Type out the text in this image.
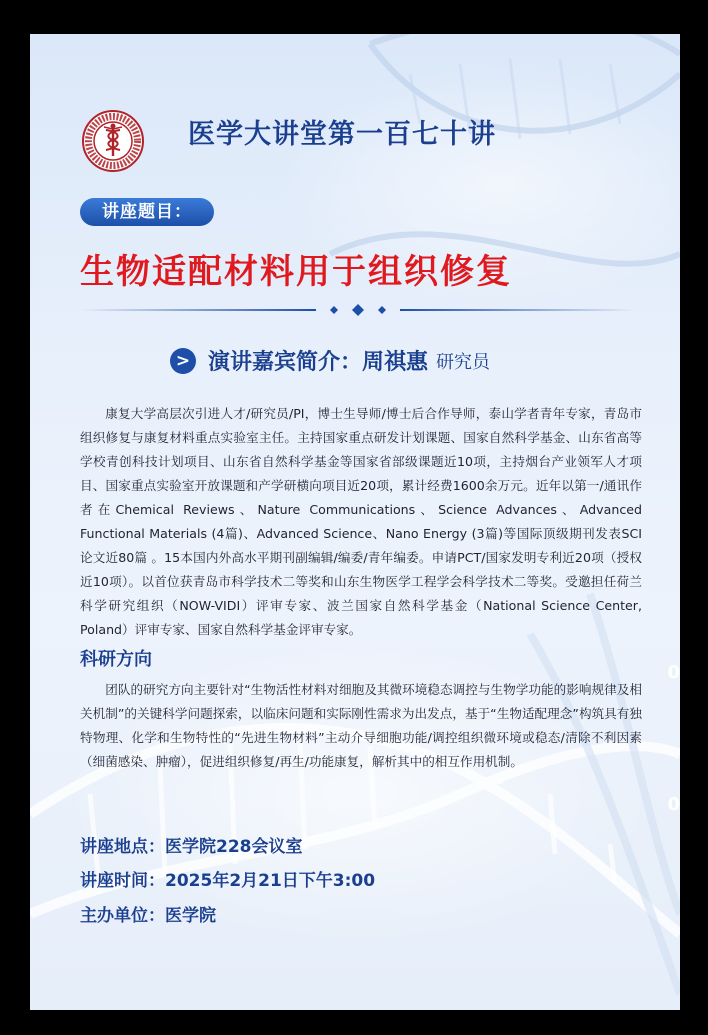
医学大讲堂第一百七十讲
讲座题目：
生物适配材料用于组织修复
> 演讲嘉宾简介：周祺惠 研究员

康复大学高层次引进人才/研究员/PI，博士生导师/博士后合作导师，泰山学者青年专家，青岛市组织修复与康复材料重点实验室主任。主持国家重点研发计划课题、国家自然科学基金、山东省高等学校青创科技计划项目、山东省自然科学基金等国家省部级课题近10项，主持烟台产业领军人才项目、国家重点实验室开放课题和产学研横向项目近20项，累计经费1600余万元。近年以第一/通讯作者在Chemical Reviews、Nature Communications、Science Advances、Advanced Functional Materials (4篇)、Advanced Science、Nano Energy (3篇)等国际顶级期刊发表SCI论文近80篇 。15本国内外高水平期刊副编辑/编委/青年编委。申请PCT/国家发明专利近20项（授权近10项）。以首位获青岛市科学技术二等奖和山东生物医学工程学会科学技术二等奖。受邀担任荷兰科学研究组织（NOW-VIDI）评审专家、波兰国家自然科学基金（National Science Center, Poland）评审专家、国家自然科学基金评审专家。

科研方向

团队的研究方向主要针对“生物活性材料对细胞及其微环境稳态调控与生物学功能的影响规律及相关机制”的关键科学问题探索，以临床问题和实际刚性需求为出发点，基于“生物适配理念”构筑具有独特物理、化学和生物特性的“先进生物材料”主动介导细胞功能/调控组织微环境或稳态/清除不利因素（细菌感染、肿瘤），促进组织修复/再生/功能康复，解析其中的相互作用机制。

讲座地点：医学院228会议室
讲座时间：2025年2月21日下午3:00
主办单位：医学院
0
0
